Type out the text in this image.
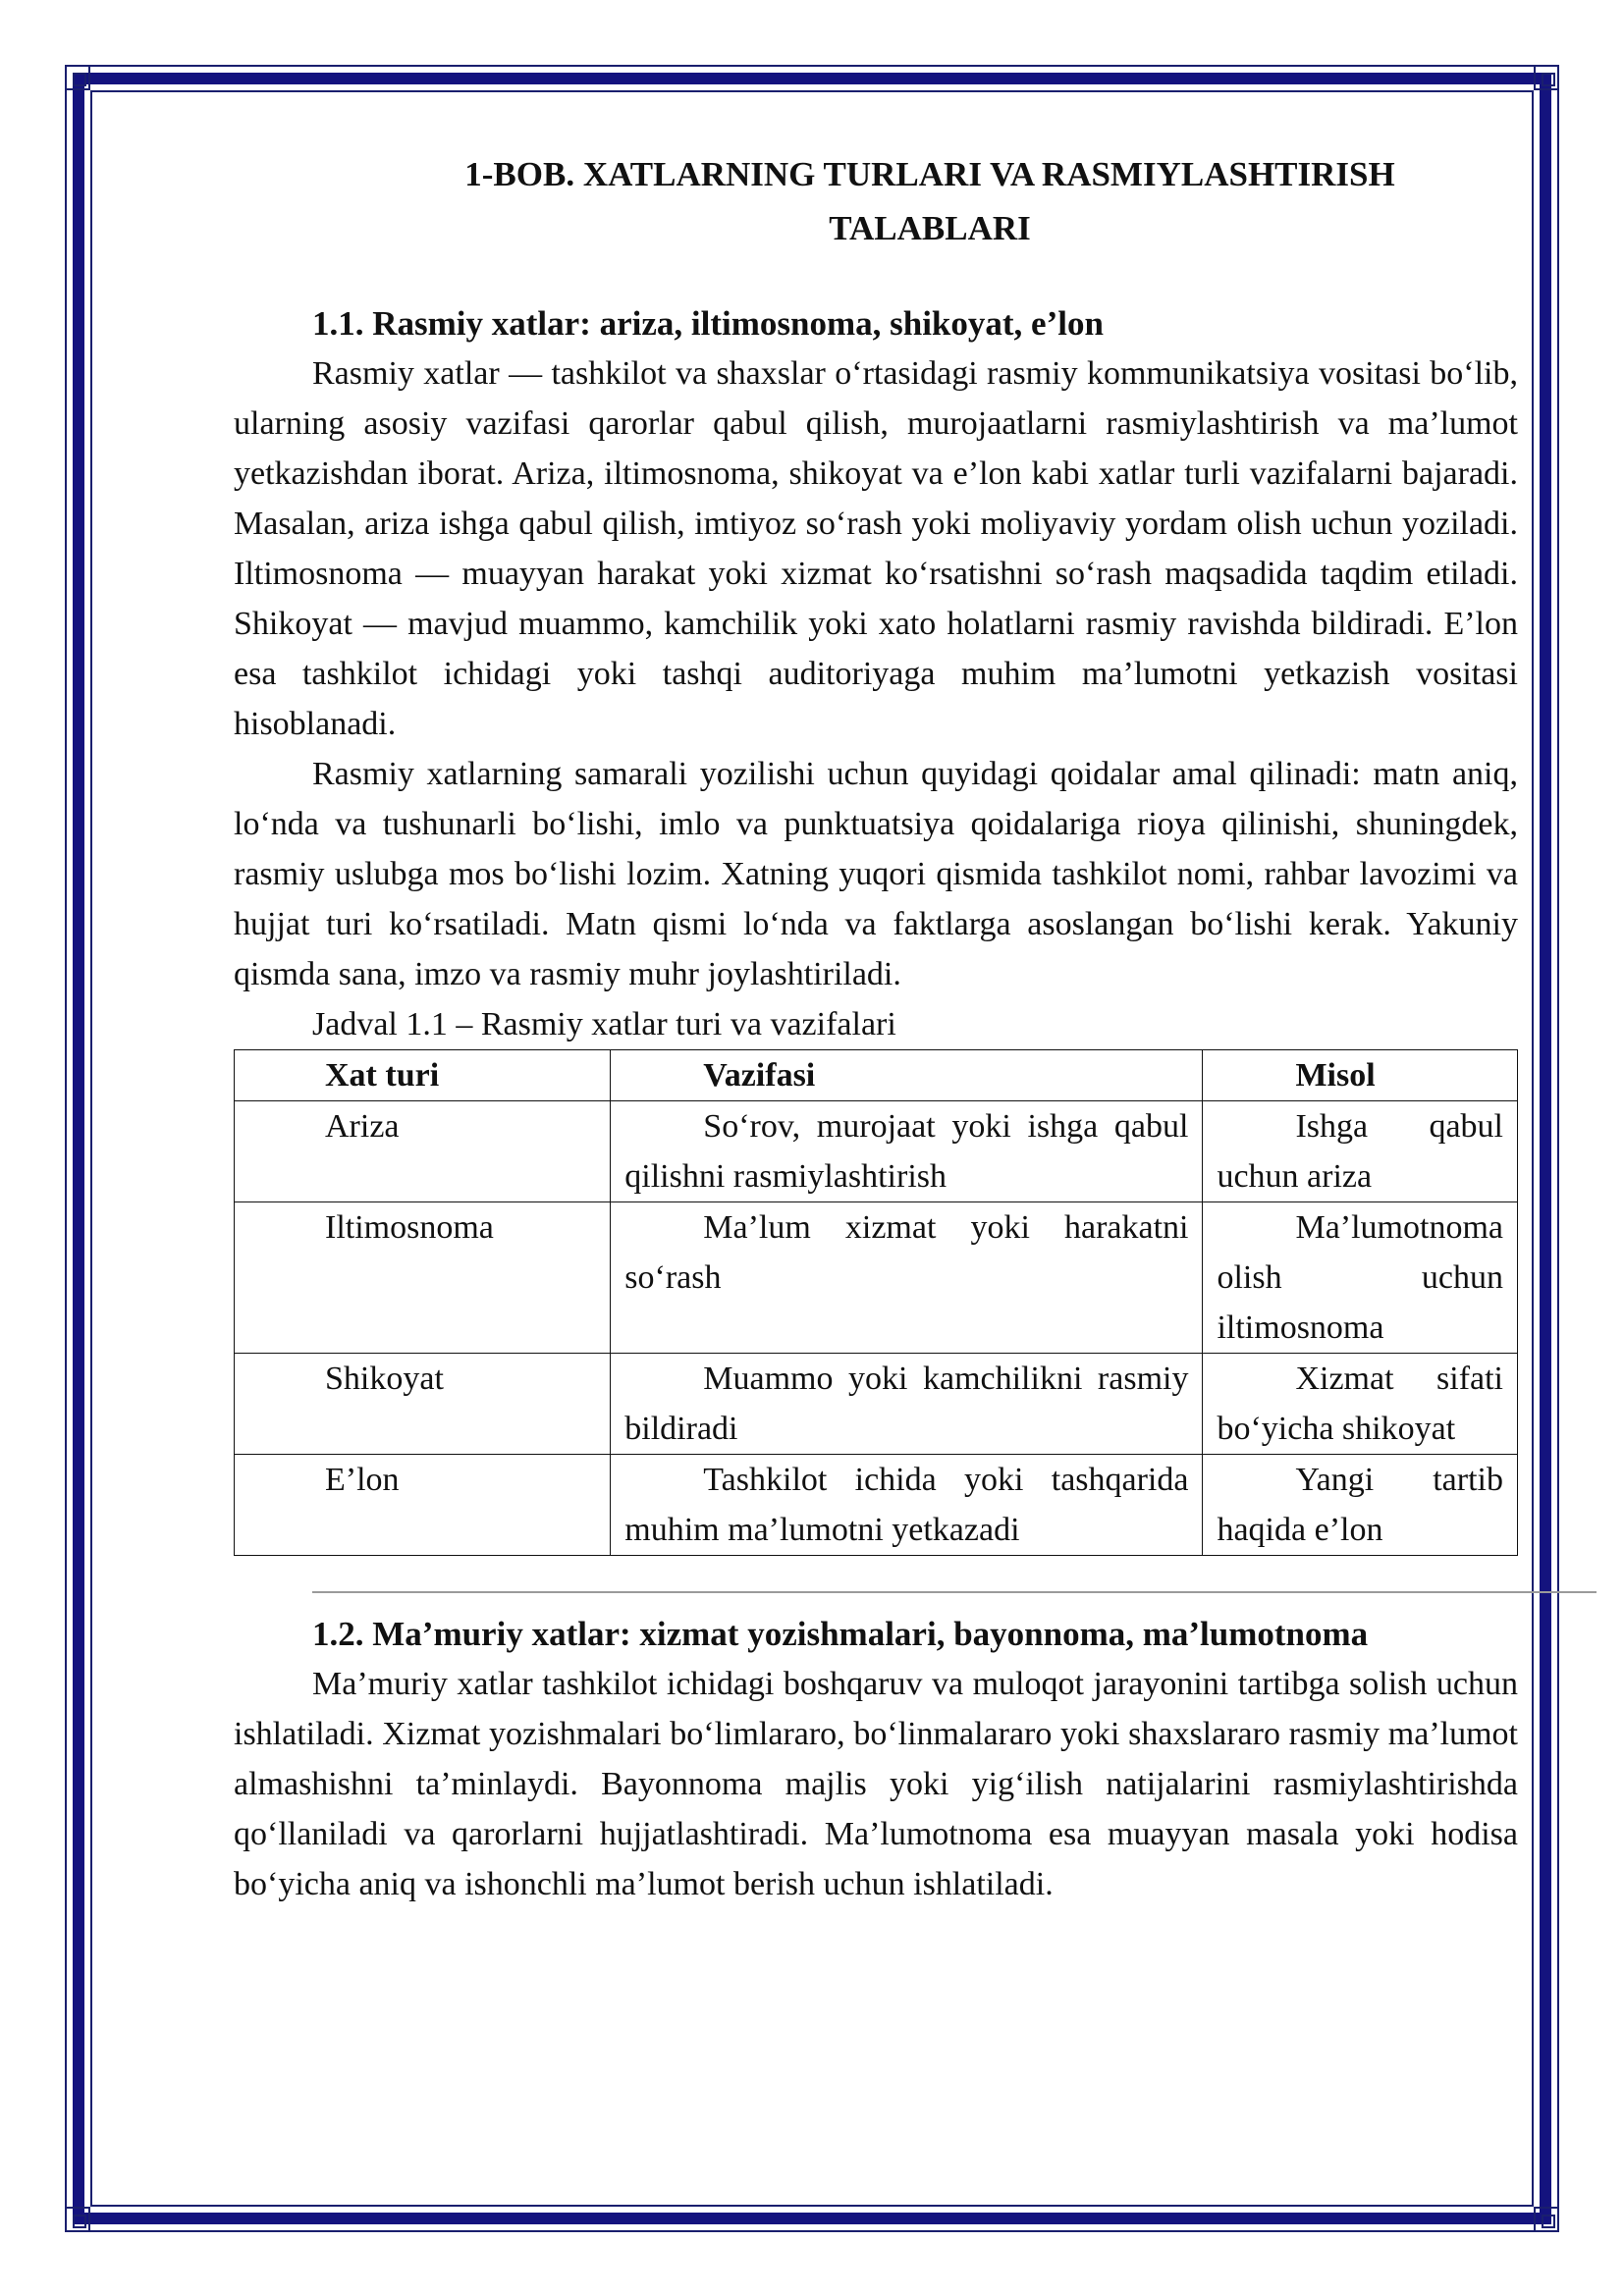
1-BOB. XATLARNING TURLARI VA RASMIYLASHTIRISH
TALABLARI

1.1. Rasmiy xatlar: ariza, iltimosnoma, shikoyat, e’lon

Rasmiy xatlar — tashkilot va shaxslar o‘rtasidagi rasmiy kommunikatsiya vositasi bo‘lib, ularning asosiy vazifasi qarorlar qabul qilish, murojaatlarni rasmiylashtirish va ma’lumot yetkazishdan iborat. Ariza, iltimosnoma, shikoyat va e’lon kabi xatlar turli vazifalarni bajaradi. Masalan, ariza ishga qabul qilish, imtiyoz so‘rash yoki moliyaviy yordam olish uchun yoziladi. Iltimosnoma — muayyan harakat yoki xizmat ko‘rsatishni so‘rash maqsadida taqdim etiladi. Shikoyat — mavjud muammo, kamchilik yoki xato holatlarni rasmiy ravishda bildiradi. E’lon esa tashkilot ichidagi yoki tashqi auditoriyaga muhim ma’lumotni yetkazish vositasi hisoblanadi.

Rasmiy xatlarning samarali yozilishi uchun quyidagi qoidalar amal qilinadi: matn aniq, lo‘nda va tushunarli bo‘lishi, imlo va punktuatsiya qoidalariga rioya qilinishi, shuningdek, rasmiy uslubga mos bo‘lishi lozim. Xatning yuqori qismida tashkilot nomi, rahbar lavozimi va hujjat turi ko‘rsatiladi. Matn qismi lo‘nda va faktlarga asoslangan bo‘lishi kerak. Yakuniy qismda sana, imzo va rasmiy muhr joylashtiriladi.

Jadval 1.1 – Rasmiy xatlar turi va vazifalari

Xat turi	Vazifasi	Misol
Ariza	So‘rov, murojaat yoki ishga qabul qilishni rasmiylashtirish	Ishga qabul uchun ariza
Iltimosnoma	Ma’lum xizmat yoki harakatni so‘rash	Ma’lumotnoma olish uchun iltimosnoma
Shikoyat	Muammo yoki kamchilikni rasmiy bildiradi	Xizmat sifati bo‘yicha shikoyat
E’lon	Tashkilot ichida yoki tashqarida muhim ma’lumotni yetkazadi	Yangi tartib haqida e’lon

1.2. Ma’muriy xatlar: xizmat yozishmalari, bayonnoma, ma’lumotnoma

Ma’muriy xatlar tashkilot ichidagi boshqaruv va muloqot jarayonini tartibga solish uchun ishlatiladi. Xizmat yozishmalari bo‘limlararo, bo‘linmalararo yoki shaxslararo rasmiy ma’lumot almashishni ta’minlaydi. Bayonnoma majlis yoki yig‘ilish natijalarini rasmiylashtirishda qo‘llaniladi va qarorlarni hujjatlashtiradi. Ma’lumotnoma esa muayyan masala yoki hodisa bo‘yicha aniq va ishonchli ma’lumot berish uchun ishlatiladi.
